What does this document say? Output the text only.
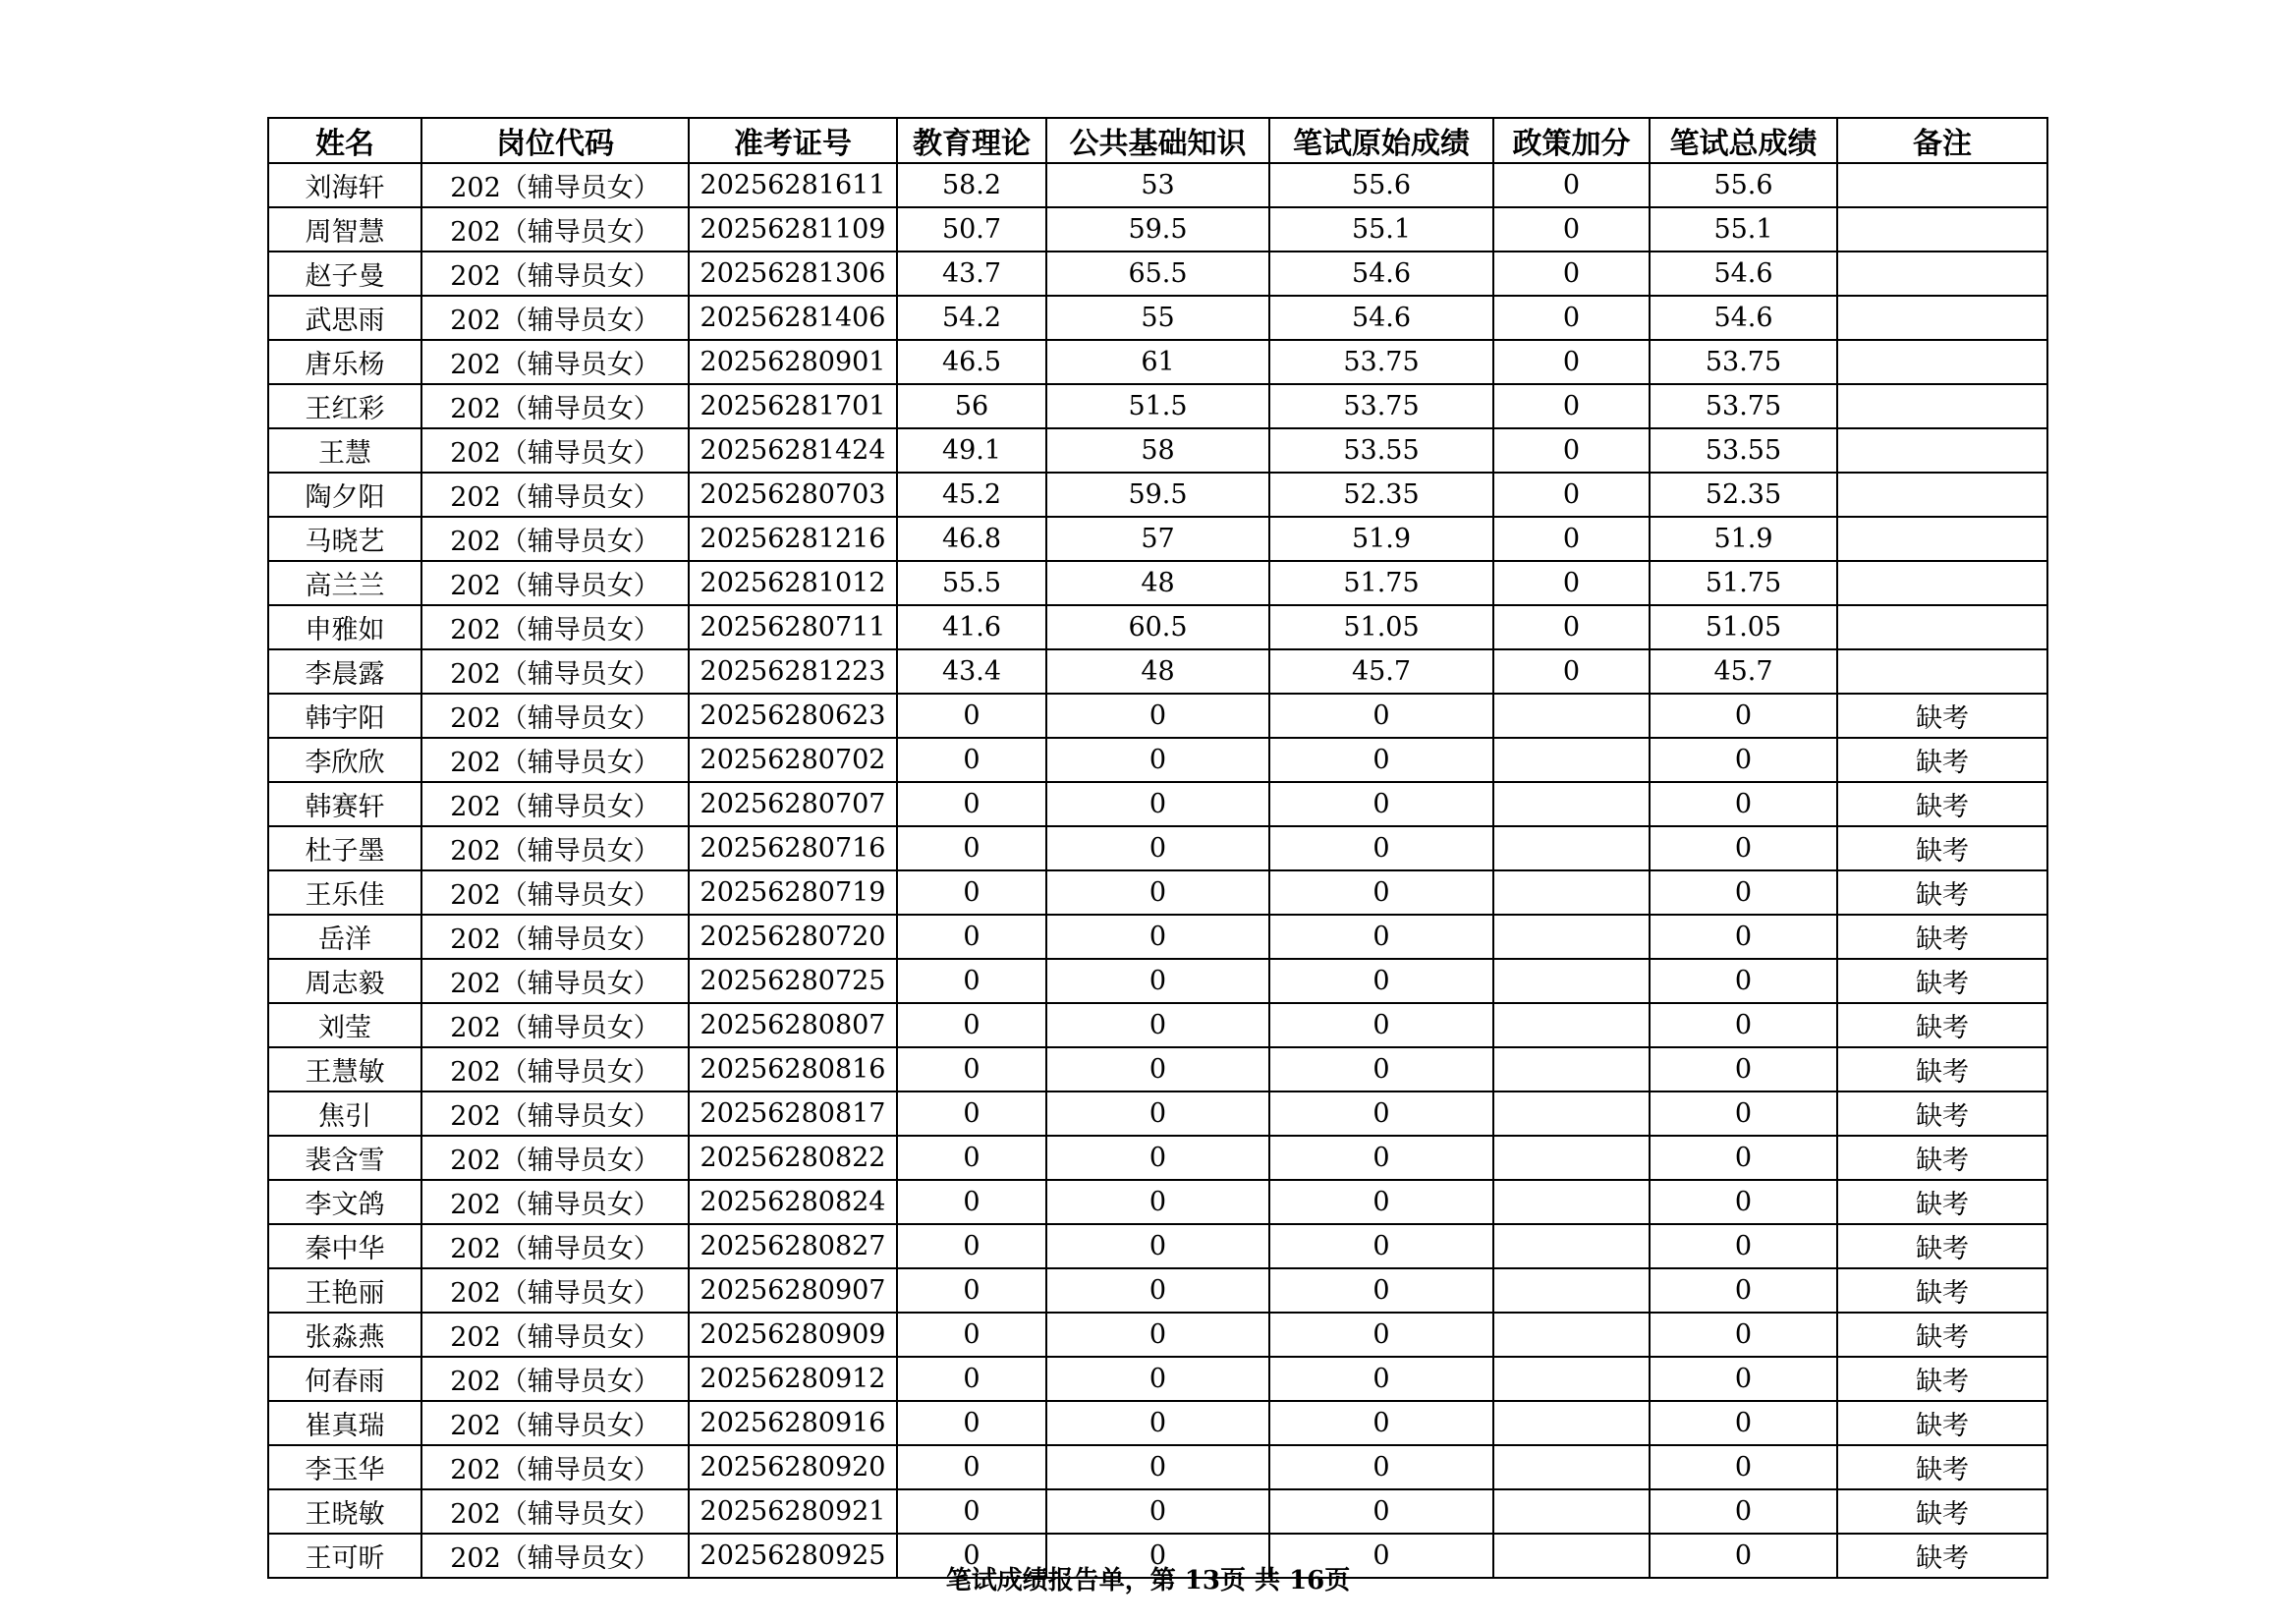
姓名	岗位代码	准考证号	教育理论	公共基础知识	笔试原始成绩	政策加分	笔试总成绩	备注
刘海轩	202（辅导员女）	20256281611	58.2	53	55.6	0	55.6	
周智慧	202（辅导员女）	20256281109	50.7	59.5	55.1	0	55.1	
赵子曼	202（辅导员女）	20256281306	43.7	65.5	54.6	0	54.6	
武思雨	202（辅导员女）	20256281406	54.2	55	54.6	0	54.6	
唐乐杨	202（辅导员女）	20256280901	46.5	61	53.75	0	53.75	
王红彩	202（辅导员女）	20256281701	56	51.5	53.75	0	53.75	
王慧	202（辅导员女）	20256281424	49.1	58	53.55	0	53.55	
陶夕阳	202（辅导员女）	20256280703	45.2	59.5	52.35	0	52.35	
马晓艺	202（辅导员女）	20256281216	46.8	57	51.9	0	51.9	
高兰兰	202（辅导员女）	20256281012	55.5	48	51.75	0	51.75	
申雅如	202（辅导员女）	20256280711	41.6	60.5	51.05	0	51.05	
李晨露	202（辅导员女）	20256281223	43.4	48	45.7	0	45.7	
韩宇阳	202（辅导员女）	20256280623	0	0	0		0	缺考
李欣欣	202（辅导员女）	20256280702	0	0	0		0	缺考
韩赛轩	202（辅导员女）	20256280707	0	0	0		0	缺考
杜子墨	202（辅导员女）	20256280716	0	0	0		0	缺考
王乐佳	202（辅导员女）	20256280719	0	0	0		0	缺考
岳洋	202（辅导员女）	20256280720	0	0	0		0	缺考
周志毅	202（辅导员女）	20256280725	0	0	0		0	缺考
刘莹	202（辅导员女）	20256280807	0	0	0		0	缺考
王慧敏	202（辅导员女）	20256280816	0	0	0		0	缺考
焦引	202（辅导员女）	20256280817	0	0	0		0	缺考
裴含雪	202（辅导员女）	20256280822	0	0	0		0	缺考
李文鸽	202（辅导员女）	20256280824	0	0	0		0	缺考
秦中华	202（辅导员女）	20256280827	0	0	0		0	缺考
王艳丽	202（辅导员女）	20256280907	0	0	0		0	缺考
张淼燕	202（辅导员女）	20256280909	0	0	0		0	缺考
何春雨	202（辅导员女）	20256280912	0	0	0		0	缺考
崔真瑞	202（辅导员女）	20256280916	0	0	0		0	缺考
李玉华	202（辅导员女）	20256280920	0	0	0		0	缺考
王晓敏	202（辅导员女）	20256280921	0	0	0		0	缺考
王可昕	202（辅导员女）	20256280925	0	0	0		0	缺考
笔试成绩报告单，第 13页 共 16页
